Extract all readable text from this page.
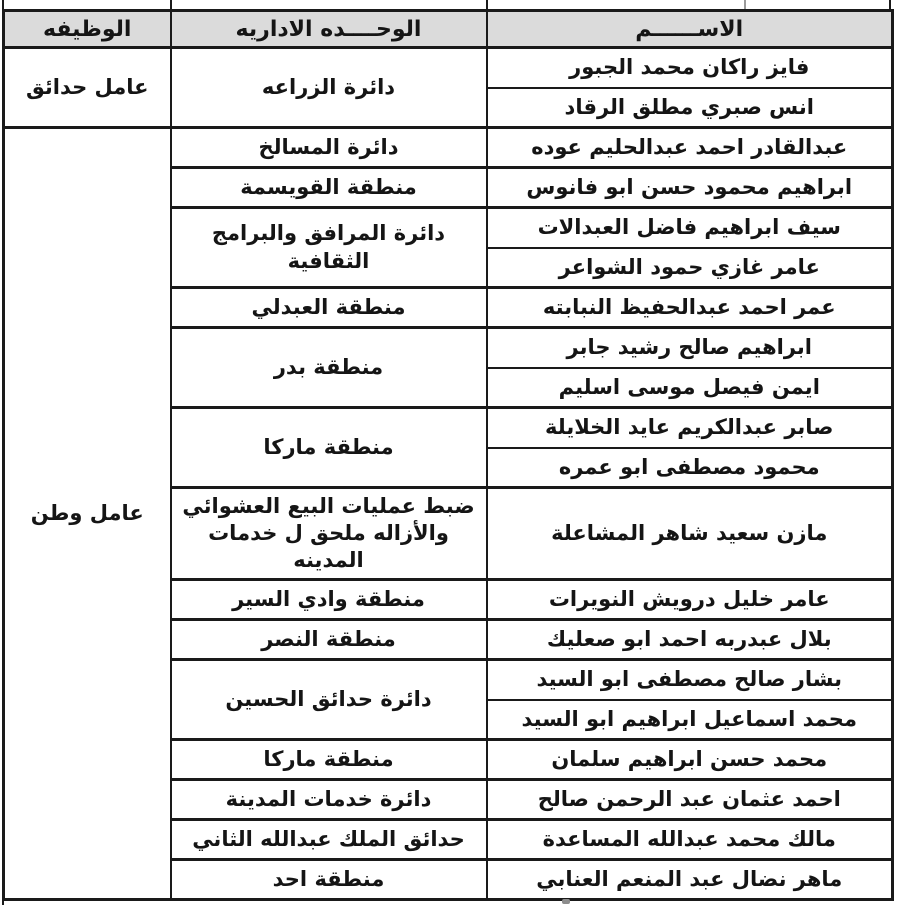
الاســــــم	الوحــــده الاداريه	الوظيفه
فايز راكان محمد الجبور	دائرة الزراعه	عامل حدائق
انس صبري مطلق الرقاد		
عبدالقادر احمد عبدالحليم عوده	دائرة المسالخ	عامل وطن
ابراهيم محمود حسن ابو فانوس	منطقة القويسمة	
سيف ابراهيم فاضل العبدالات	دائرة المرافق والبرامج الثقافية	
عامر غازي حمود الشواعر		
عمر احمد عبدالحفيظ النبابته	منطقة العبدلي	
ابراهيم صالح رشيد جابر	منطقة بدر	
ايمن فيصل موسى اسليم		
صابر عبدالكريم عايد الخلايلة	منطقة ماركا	
محمود مصطفى ابو عمره		
مازن سعيد شاهر المشاعلة	ضبط عمليات البيع العشوائي والأزاله ملحق ل خدمات المدينه	
عامر خليل درويش النويرات	منطقة وادي السير	
بلال عبدربه احمد ابو صعليك	منطقة النصر	
بشار صالح مصطفى ابو السيد	دائرة حدائق الحسين	
محمد اسماعيل ابراهيم ابو السيد		
محمد حسن ابراهيم سلمان	منطقة ماركا	
احمد عثمان عبد الرحمن صالح	دائرة خدمات المدينة	
مالك محمد عبدالله المساعدة	حدائق الملك عبدالله الثاني	
ماهر نضال عبد المنعم العنابي	منطقة احد	
